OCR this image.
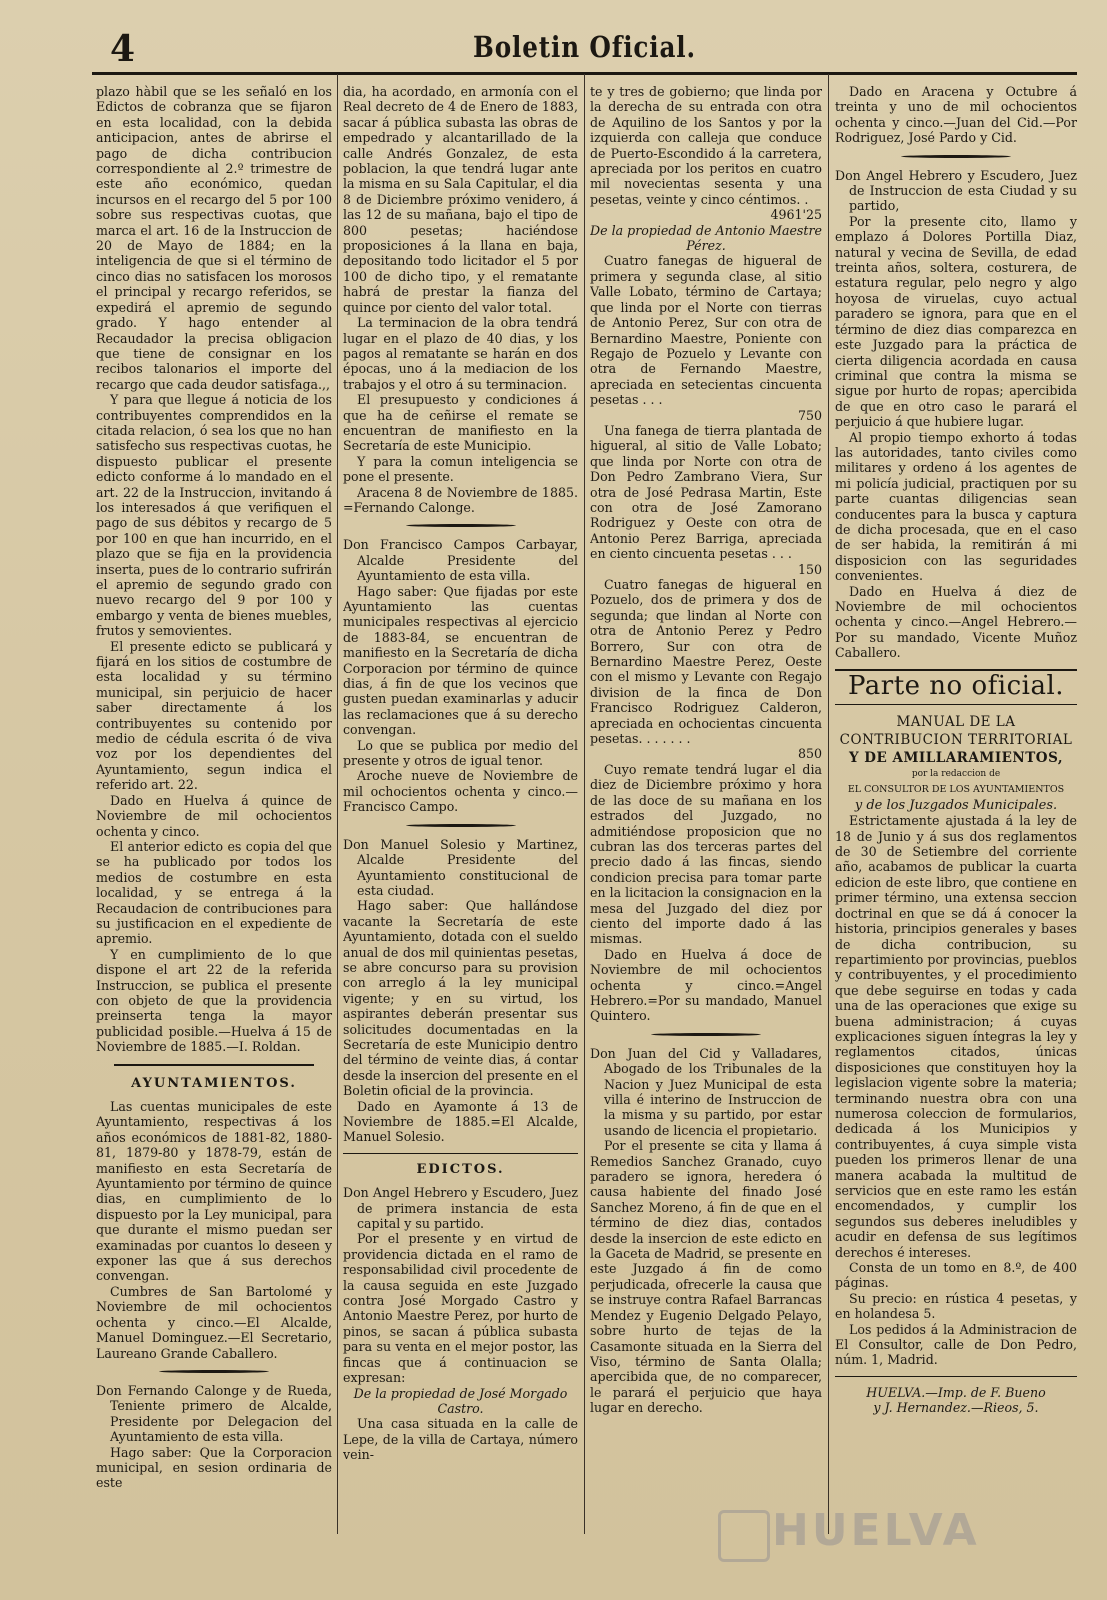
4	Boletin Oficial.

plazo hàbil que se les señaló en los Edictos de cobranza que se fijaron en esta localidad, con la debida anticipacion, antes de abrirse el pago de dicha contribucion correspondiente al 2.º trimestre de este año económico, quedan incursos en el recargo del 5 por 100 sobre sus respectivas cuotas, que marca el art. 16 de la Instruccion de 20 de Mayo de 1884; en la inteligencia de que si el término de cinco dias no satisfacen los morosos el principal y recargo referidos, se expedirá el apremio de segundo grado. Y hago entender al Recaudador la precisa obligacion que tiene de consignar en los recibos talonarios el importe del recargo que cada deudor satisfaga.,,

Y para que llegue á noticia de los contribuyentes comprendidos en la citada relacion, ó sea los que no han satisfecho sus respectivas cuotas, he dispuesto publicar el presente edicto conforme á lo mandado en el art. 22 de la Instruccion, invitando á los interesados á que verifiquen el pago de sus débitos y recargo de 5 por 100 en que han incurrido, en el plazo que se fija en la providencia inserta, pues de lo contrario sufrirán el apremio de segundo grado con nuevo recargo del 9 por 100 y embargo y venta de bienes muebles, frutos y semovientes.

El presente edicto se publicará y fijará en los sitios de costumbre de esta localidad y su término municipal, sin perjuicio de hacer saber directamente á los contribuyentes su contenido por medio de cédula escrita ó de viva voz por los dependientes del Ayuntamiento, segun indica el referido art. 22.

Dado en Huelva á quince de Noviembre de mil ochocientos ochenta y cinco.

El anterior edicto es copia del que se ha publicado por todos los medios de costumbre en esta localidad, y se entrega á la Recaudacion de contribuciones para su justificacion en el expediente de apremio.

Y en cumplimiento de lo que dispone el art 22 de la referida Instruccion, se publica el presente con objeto de que la providencia preinserta tenga la mayor publicidad posible.—Huelva á 15 de Noviembre de 1885.—I. Roldan.

AYUNTAMIENTOS.

Las cuentas municipales de este Ayuntamiento, respectivas á los años económicos de 1881-82, 1880-81, 1879-80 y 1878-79, están de manifiesto en esta Secretaría de Ayuntamiento por término de quince dias, en cumplimiento de lo dispuesto por la Ley municipal, para que durante el mismo puedan ser examinadas por cuantos lo deseen y exponer las que á sus derechos convengan.

Cumbres de San Bartolomé y Noviembre de mil ochocientos ochenta y cinco.—El Alcalde, Manuel Dominguez.—El Secretario, Laureano Grande Caballero.

Don Fernando Calonge y de Rueda, Teniente primero de Alcalde, Presidente por Delegacion del Ayuntamiento de esta villa.

Hago saber: Que la Corporacion municipal, en sesion ordinaria de este

dia, ha acordado, en armonía con el Real decreto de 4 de Enero de 1883, sacar á pública subasta las obras de empedrado y alcantarillado de la calle Andrés Gonzalez, de esta poblacion, la que tendrá lugar ante la misma en su Sala Capitular, el dia 8 de Diciembre próximo venidero, á las 12 de su mañana, bajo el tipo de 800 pesetas; haciéndose proposiciones á la llana en baja, depositando todo licitador el 5 por 100 de dicho tipo, y el rematante habrá de prestar la fianza del quince por ciento del valor total.

La terminacion de la obra tendrá lugar en el plazo de 40 dias, y los pagos al rematante se harán en dos épocas, uno á la mediacion de los trabajos y el otro á su terminacion.

El presupuesto y condiciones á que ha de ceñirse el remate se encuentran de manifiesto en la Secretaría de este Municipio.

Y para la comun inteligencia se pone el presente.

Aracena 8 de Noviembre de 1885. =Fernando Calonge.

Don Francisco Campos Carbayar, Alcalde Presidente del Ayuntamiento de esta villa.

Hago saber: Que fijadas por este Ayuntamiento las cuentas municipales respectivas al ejercicio de 1883-84, se encuentran de manifiesto en la Secretaría de dicha Corporacion por término de quince dias, á fin de que los vecinos que gusten puedan examinarlas y aducir las reclamaciones que á su derecho convengan.

Lo que se publica por medio del presente y otros de igual tenor.

Aroche nueve de Noviembre de mil ochocientos ochenta y cinco.—Francisco Campo.

Don Manuel Solesio y Martinez, Alcalde Presidente del Ayuntamiento constitucional de esta ciudad.

Hago saber: Que hallándose vacante la Secretaría de este Ayuntamiento, dotada con el sueldo anual de dos mil quinientas pesetas, se abre concurso para su provision con arreglo á la ley municipal vigente; y en su virtud, los aspirantes deberán presentar sus solicitudes documentadas en la Secretaría de este Municipio dentro del término de veinte dias, á contar desde la insercion del presente en el Boletin oficial de la provincia.

Dado en Ayamonte á 13 de Noviembre de 1885.=El Alcalde, Manuel Solesio.

EDICTOS.

Don Angel Hebrero y Escudero, Juez de primera instancia de esta capital y su partido.

Por el presente y en virtud de providencia dictada en el ramo de responsabilidad civil procedente de la causa seguida en este Juzgado contra José Morgado Castro y Antonio Maestre Perez, por hurto de pinos, se sacan á pública subasta para su venta en el mejor postor, las fincas que á continuacion se expresan:

De la propiedad de José Morgado Castro.

Una casa situada en la calle de Lepe, de la villa de Cartaya, número vein-

te y tres de gobierno; que linda por la derecha de su entrada con otra de Aquilino de los Santos y por la izquierda con calleja que conduce de Puerto-Escondido á la carretera, apreciada por los peritos en cuatro mil novecientas sesenta y una pesetas, veinte y cinco céntimos. .

4961'25

De la propiedad de Antonio Maestre Pérez.

Cuatro fanegas de higueral de primera y segunda clase, al sitio Valle Lobato, término de Cartaya; que linda por el Norte con tierras de Antonio Perez, Sur con otra de Bernardino Maestre, Poniente con Regajo de Pozuelo y Levante con otra de Fernando Maestre, apreciada en setecientas cincuenta pesetas . . .

750

Una fanega de tierra plantada de higueral, al sitio de Valle Lobato; que linda por Norte con otra de Don Pedro Zambrano Viera, Sur otra de José Pedrasa Martin, Este con otra de José Zamorano Rodriguez y Oeste con otra de Antonio Perez Barriga, apreciada en ciento cincuenta pesetas . . .

150

Cuatro fanegas de higueral en Pozuelo, dos de primera y dos de segunda; que lindan al Norte con otra de Antonio Perez y Pedro Borrero, Sur con otra de Bernardino Maestre Perez, Oeste con el mismo y Levante con Regajo division de la finca de Don Francisco Rodriguez Calderon, apreciada en ochocientas cincuenta pesetas. . . . . . .

850

Cuyo remate tendrá lugar el dia diez de Diciembre próximo y hora de las doce de su mañana en los estrados del Juzgado, no admitiéndose proposicion que no cubran las dos terceras partes del precio dado á las fincas, siendo condicion precisa para tomar parte en la licitacion la consignacion en la mesa del Juzgado del diez por ciento del importe dado á las mismas.

Dado en Huelva á doce de Noviembre de mil ochocientos ochenta y cinco.=Angel Hebrero.=Por su mandado, Manuel Quintero.

Don Juan del Cid y Valladares, Abogado de los Tribunales de la Nacion y Juez Municipal de esta villa é interino de Instruccion de la misma y su partido, por estar usando de licencia el propietario.

Por el presente se cita y llama á Remedios Sanchez Granado, cuyo paradero se ignora, heredera ó causa habiente del finado José Sanchez Moreno, á fin de que en el término de diez dias, contados desde la insercion de este edicto en la Gaceta de Madrid, se presente en este Juzgado á fin de como perjudicada, ofrecerle la causa que se instruye contra Rafael Barrancas Mendez y Eugenio Delgado Pelayo, sobre hurto de tejas de la Casamonte situada en la Sierra del Viso, término de Santa Olalla; apercibida que, de no comparecer, le parará el perjuicio que haya lugar en derecho.

Dado en Aracena y Octubre á treinta y uno de mil ochocientos ochenta y cinco.—Juan del Cid.—Por Rodriguez, José Pardo y Cid.

Don Angel Hebrero y Escudero, Juez de Instruccion de esta Ciudad y su partido,

Por la presente cito, llamo y emplazo á Dolores Portilla Diaz, natural y vecina de Sevilla, de edad treinta años, soltera, costurera, de estatura regular, pelo negro y algo hoyosa de viruelas, cuyo actual paradero se ignora, para que en el término de diez dias comparezca en este Juzgado para la práctica de cierta diligencia acordada en causa criminal que contra la misma se sigue por hurto de ropas; apercibida de que en otro caso le parará el perjuicio á que hubiere lugar.

Al propio tiempo exhorto á todas las autoridades, tanto civiles como militares y ordeno á los agentes de mi policía judicial, practiquen por su parte cuantas diligencias sean conducentes para la busca y captura de dicha procesada, que en el caso de ser habida, la remitirán á mi disposicion con las seguridades convenientes.

Dado en Huelva á diez de Noviembre de mil ochocientos ochenta y cinco.—Angel Hebrero.—Por su mandado, Vicente Muñoz Caballero.

Parte no oficial.

MANUAL DE LA

CONTRIBUCION TERRITORIAL

Y DE AMILLARAMIENTOS,

por la redaccion de

EL CONSULTOR DE LOS AYUNTAMIENTOS

y de los Juzgados Municipales.

Estrictamente ajustada á la ley de 18 de Junio y á sus dos reglamentos de 30 de Setiembre del corriente año, acabamos de publicar la cuarta edicion de este libro, que contiene en primer término, una extensa seccion doctrinal en que se dá á conocer la historia, principios generales y bases de dicha contribucion, su repartimiento por provincias, pueblos y contribuyentes, y el procedimiento que debe seguirse en todas y cada una de las operaciones que exige su buena administracion; á cuyas explicaciones siguen íntegras la ley y reglamentos citados, únicas disposiciones que constituyen hoy la legislacion vigente sobre la materia; terminando nuestra obra con una numerosa coleccion de formularios, dedicada á los Municipios y contribuyentes, á cuya simple vista pueden los primeros llenar de una manera acabada la multitud de servicios que en este ramo les están encomendados, y cumplir los segundos sus deberes ineludibles y acudir en defensa de sus legítimos derechos é intereses.

Consta de un tomo en 8.º, de 400 páginas.

Su precio: en rústica 4 pesetas, y en holandesa 5.

Los pedidos á la Administracion de El Consultor, calle de Don Pedro, núm. 1, Madrid.

HUELVA.—Imp. de F. Bueno

y J. Hernandez.—Rieos, 5.

HUELVA
